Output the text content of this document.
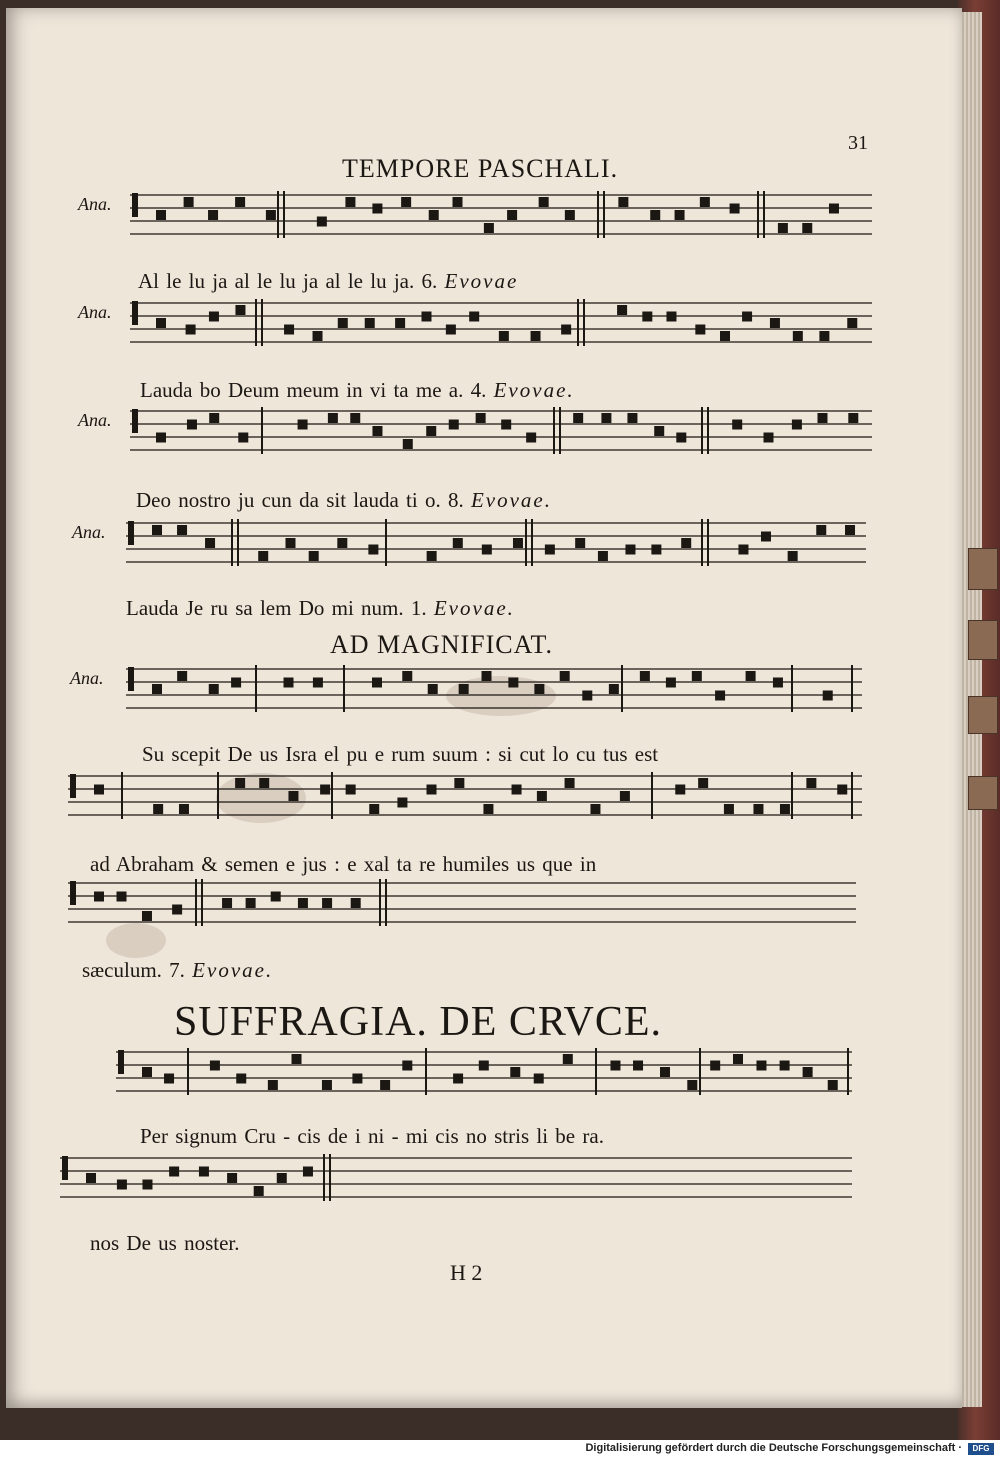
31
TEMPORE PASCHALI.
AD MAGNIFICAT.
SUFFRAGIA. DE CRVCE.
Ana.
Ana.
Ana.
Ana.
Ana.
Al le lu ja al le lu ja al le lu ja. 6. Evovae
Lauda bo Deum meum in vi ta me a. 4. Evovae.
Deo nostro ju cun da sit lauda ti o. 8. Evovae.
Lauda Je ru sa lem Do mi num. 1. Evovae.
Su scepit De us Isra el pu e rum suum : si cut lo cu tus est
ad Abraham & semen e jus : e xal ta re humiles us que in
sæculum. 7. Evovae.
Per signum Cru - cis de i ni - mi cis no stris li be ra.
nos De us noster.
H 2
Digitalisierung gefördert durch die Deutsche Forschungsgemeinschaft ·	DFG
